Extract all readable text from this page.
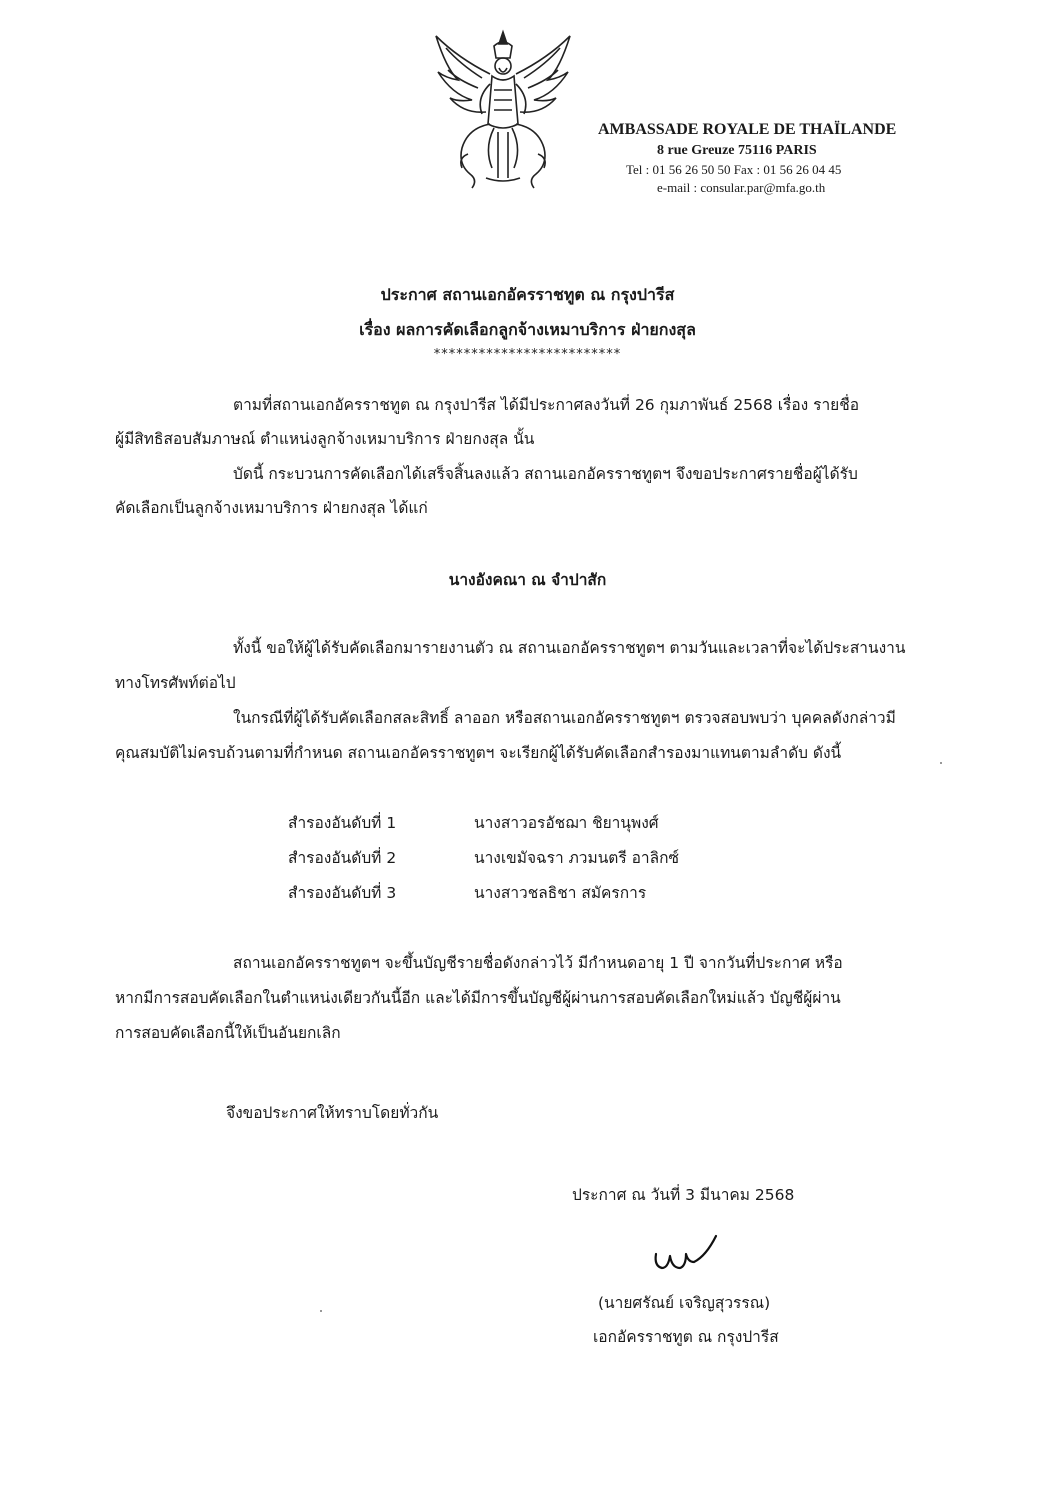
AMBASSADE ROYALE DE THAÏLANDE
8 rue Greuze 75116 PARIS
Tel : 01 56 26 50 50 Fax : 01 56 26 04 45
e-mail : consular.par@mfa.go.th
ประกาศ สถานเอกอัครราชทูต ณ กรุงปารีส
เรื่อง ผลการคัดเลือกลูกจ้างเหมาบริการ ฝ่ายกงสุล
*************************
ตามที่สถานเอกอัครราชทูต ณ กรุงปารีส ได้มีประกาศลงวันที่ 26 กุมภาพันธ์ 2568 เรื่อง รายชื่อ
ผู้มีสิทธิสอบสัมภาษณ์ ตำแหน่งลูกจ้างเหมาบริการ ฝ่ายกงสุล นั้น
บัดนี้ กระบวนการคัดเลือกได้เสร็จสิ้นลงแล้ว สถานเอกอัครราชทูตฯ จึงขอประกาศรายชื่อผู้ได้รับ
คัดเลือกเป็นลูกจ้างเหมาบริการ ฝ่ายกงสุล ได้แก่
นางอังคณา ณ จำปาสัก
ทั้งนี้ ขอให้ผู้ได้รับคัดเลือกมารายงานตัว ณ สถานเอกอัครราชทูตฯ ตามวันและเวลาที่จะได้ประสานงาน
ทางโทรศัพท์ต่อไป
ในกรณีที่ผู้ได้รับคัดเลือกสละสิทธิ์ ลาออก หรือสถานเอกอัครราชทูตฯ ตรวจสอบพบว่า บุคคลดังกล่าวมี
คุณสมบัติไม่ครบถ้วนตามที่กำหนด สถานเอกอัครราชทูตฯ จะเรียกผู้ได้รับคัดเลือกสำรองมาแทนตามลำดับ ดังนี้
สำรองอันดับที่ 1	นางสาวอรอัชฌา ชิยานุพงศ์
สำรองอันดับที่ 2	นางเขมัจฉรา ภวมนตรี อาลิกซ์
สำรองอันดับที่ 3	นางสาวชลธิชา สมัครการ
สถานเอกอัครราชทูตฯ จะขึ้นบัญชีรายชื่อดังกล่าวไว้ มีกำหนดอายุ 1 ปี จากวันที่ประกาศ หรือ
หากมีการสอบคัดเลือกในตำแหน่งเดียวกันนี้อีก และได้มีการขึ้นบัญชีผู้ผ่านการสอบคัดเลือกใหม่แล้ว บัญชีผู้ผ่าน
การสอบคัดเลือกนี้ให้เป็นอันยกเลิก
จึงขอประกาศให้ทราบโดยทั่วกัน
ประกาศ ณ วันที่ 3 มีนาคม 2568
(นายศรัณย์ เจริญสุวรรณ)
เอกอัครราชทูต ณ กรุงปารีส
